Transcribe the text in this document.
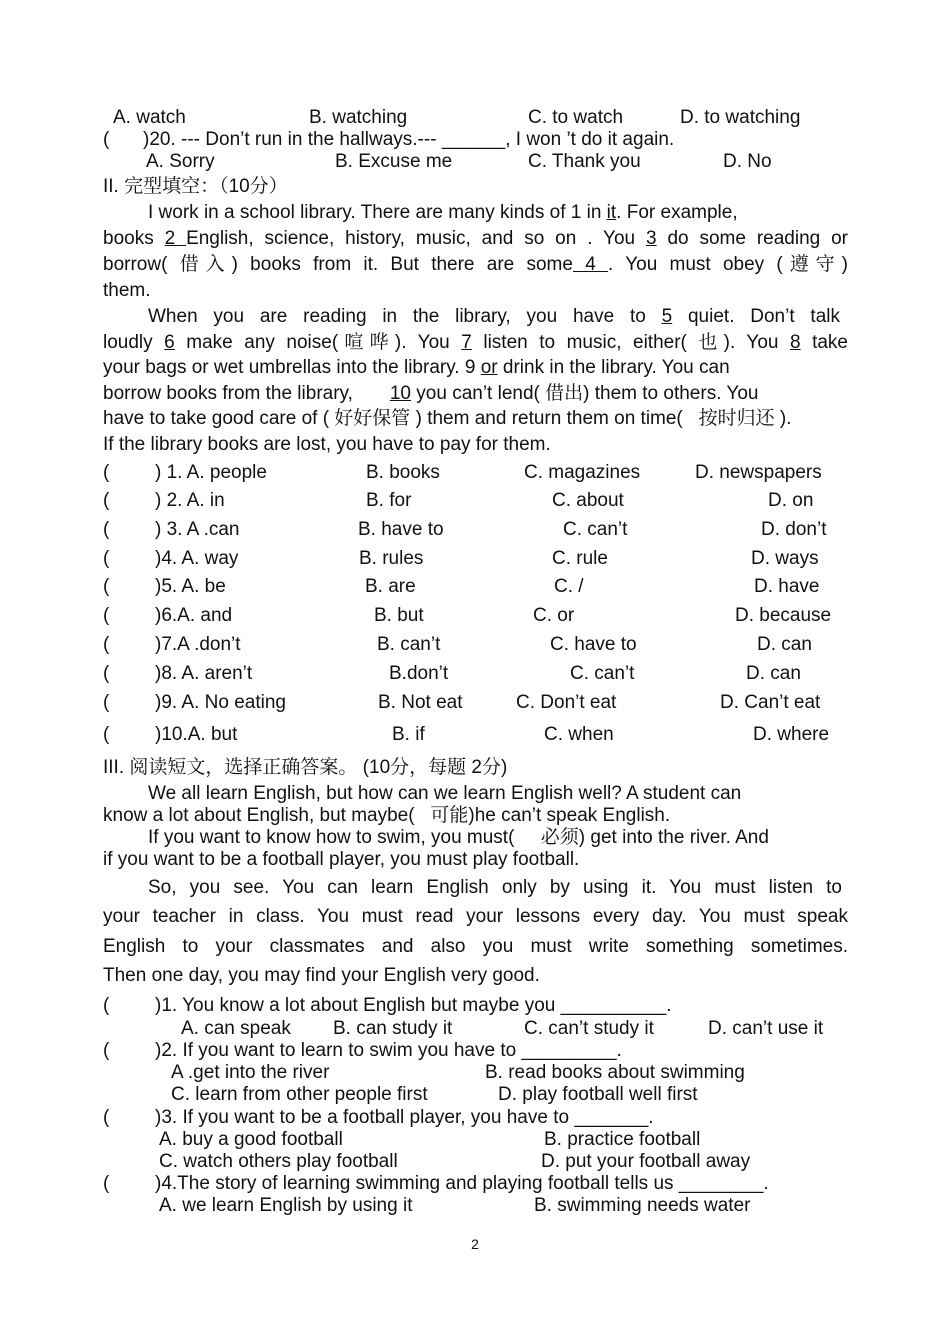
A. watch	B. watching	C. to watch	D. to watching
( )20. --- Don’t run in the hallways.--- ______, I won ’t do it again.
A. Sorry	B. Excuse me	C. Thank you	D. No
II. 完型填空：（10分）
I work in a school library. There are many kinds of 1 in it. For example,
books 2 English, science, history, music, and so on . You 3 do some reading or
borrow( 借入) books from it. But there are some 4 . You must obey (遵守)
them.
When you are reading in the library, you have to 5 quiet. Don’t talk
loudly 6 make any noise(喧哗). You 7 listen to music, either( 也). You 8 take
your bags or wet umbrellas into the library. 9 or drink in the library. You can
borrow books from the library,       10 you can’t lend( 借出) them to others. You
have to take good care of ( 好好保管 ) them and return them on time(   按时归还 ).
If the library books are lost, you have to pay for them.
( ) 1. A. people	B. books	C. magazines	D. newspapers
( ) 2. A. in	B. for	C. about	D. on
( ) 3. A .can	B. have to	C. can’t	D. don’t
( )4. A. way	B. rules	C. rule	D. ways
( )5. A. be	B. are	C. /	D. have
( )6.A. and	B. but	C. or	D. because
( )7.A .don’t	B. can’t	C. have to	D. can
( )8. A. aren’t	B.don’t	C. can’t	D. can
( )9. A. No eating	B. Not eat	C. Don’t eat	D. Can’t eat
( )10.A. but	B. if	C. when	D. where
III. 阅读短文，选择正确答案。 (10分，每题 2分)
We all learn English, but how can we learn English well? A student can
know a lot about English, but maybe(   可能)he can’t speak English.
If you want to know how to swim, you must(     必须) get into the river. And
if you want to be a football player, you must play football.
So, you see. You can learn English only by using it. You must listen to
your teacher in class. You must read your lessons every day. You must speak
English to your classmates and also you must write something sometimes.
Then one day, you may find your English very good.
( )1. You know a lot about English but maybe you __________.
A. can speak B. can study it	C. can’t study it	D. can’t use it
( )2. If you want to learn to swim you have to _________.
A .get into the river	B. read books about swimming
C. learn from other people first	D. play football well first
( )3. If you want to be a football player, you have to _______.
A. buy a good football	B. practice football
C. watch others play football	D. put your football away
( )4.The story of learning swimming and playing football tells us ________.
A. we learn English by using it	B. swimming needs water
2
